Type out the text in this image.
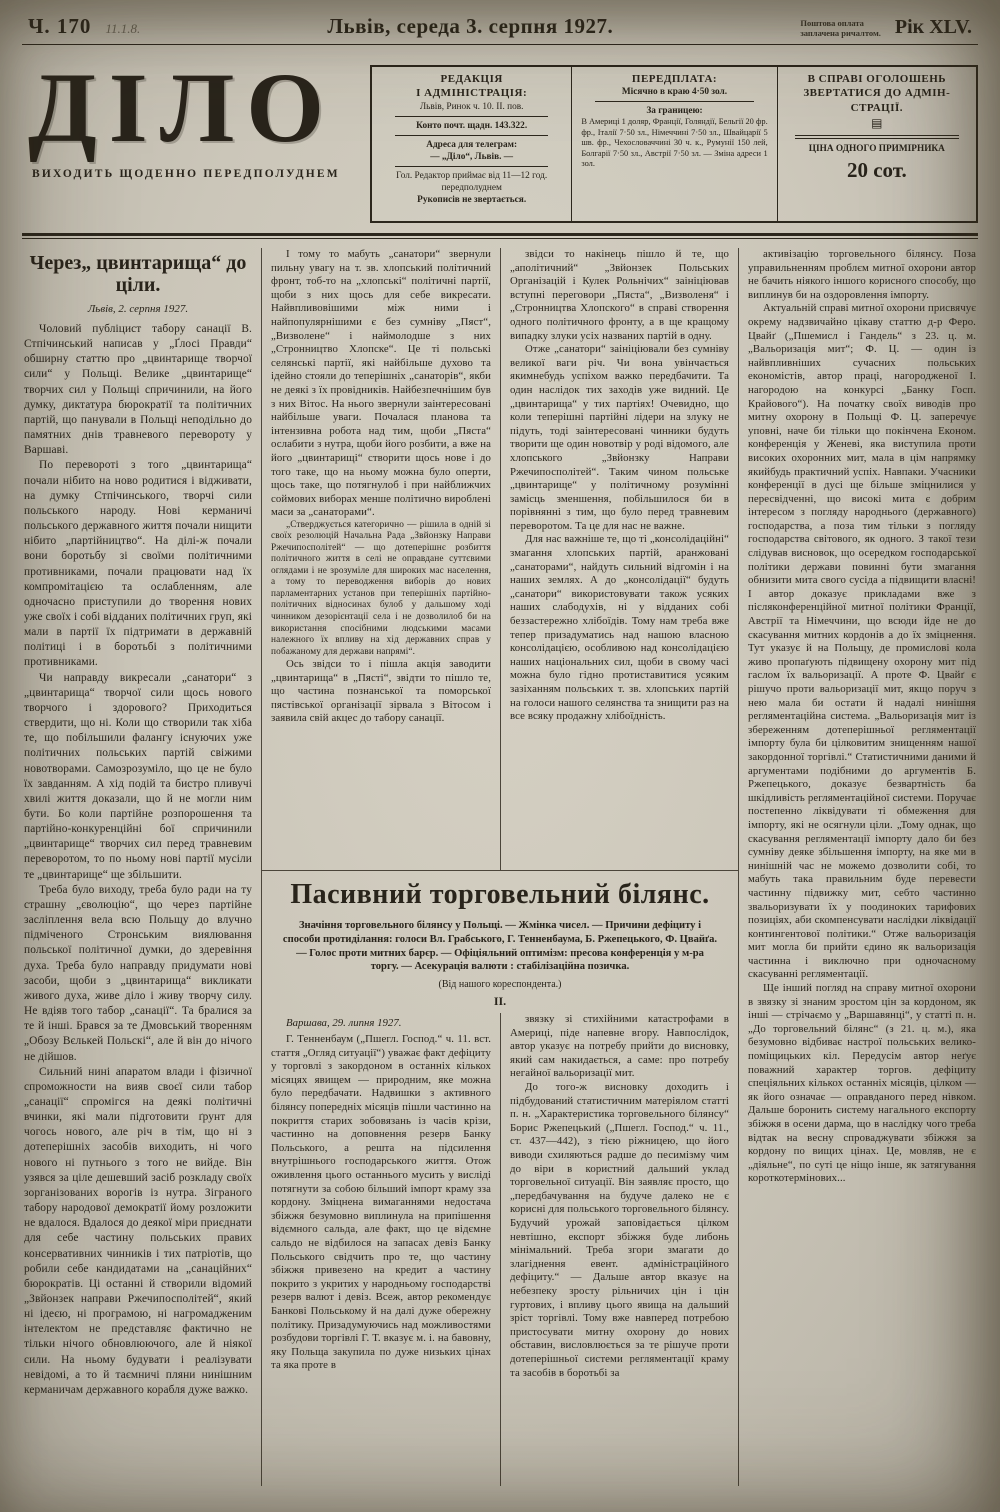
Ч. 170 11.1.8.	Львів, середа 3. серпня 1927.	Поштова оплата
заплачена ричалтом. Рік XLV.
ДІЛО
ВИХОДИТЬ ЩОДЕННО ПЕРЕДПОЛУДНЕМ
РЕДАКЦІЯ
І АДМІНІСТРАЦІЯ:
Львів, Ринок ч. 10. II. пов.
Конто почт. щадн. 143.322.
Адреса для телеграм:
— „Діло“, Львів. —
Гол. Редактор приймає від 11—12 год. передполуднем
Рукописів не звертається.
ПЕРЕДПЛАТА:
Місячно в краю 4·50 зол.
За границею:
В Америці 1 доляр, Франції, Голяндії, Бельгії 20 фр. фр., Італії 7·50 зл., Німеччині 7·50 зл., Швайцарії 5 шв. фр., Чехословаччині 30 ч. к., Румунії 150 лей, Болгарії 7·50 зл., Австрії 7·50 зл. — Зміна адреси 1 зол.
В СПРАВІ ОГОЛОШЕНЬ
ЗВЕРТАТИСЯ ДО АДМІН-
СТРАЦІЇ.
▤
ЦІНА ОДНОГО ПРИМІРНИКА
20 сот.
Через„ цвинтарища“ до ціли.
Львів, 2. серпня 1927.

Чоловий публіцист табору санації В. Стпічинський написав у „Ґлосі Правди“ обширну статтю про „цвинтарище творчої сили“ у Польщі. Велике „цвинтарище“ творчих сил у Польщі спричинили, на його думку, диктатура бюрократії та політичних партій, що панували в Польщі неподільно до памятних днів травневого перевороту у Варшаві.

По перевороті з того „цвинтарища“ почали нібито на ново родитися і відживати, на думку Стпічинського, творчі сили польського народу. Нові керманичі польського державного життя почали нищити нібито „партійництво“. На ділі-ж почали вони боротьбу зі своїми політичними противниками, почали працювати над їх компромітацією та ослабленням, але одночасно приступили до творення нових уже своїх і собі відданих політичних груп, які мали в партії їх підтримати в державній політиці і в боротьбі з політичними противниками.

Чи направду викресали „санатори“ з „цвинтарища“ творчої сили щось нового творчого і здорового? Приходиться ствердити, що ні. Коли що створили так хіба те, що побільшили фалангу існуючих уже політичних польських партій свіжими новотворами. Самозрозуміло, що це не було їх завданням. А хід подій та бистро пливучі хвилі життя доказали, що й не могли ним бути. Бо коли партійне розпорошення та партійно-конкуренційні бої спричинили „цвинтарище“ творчих сил перед травневим переворотом, то по ньому нові партії мусіли те „цвинтарище“ ще збільшити.

Треба було виходу, треба було ради на ту страшну „єволюцію“, що через партійне засліплення вела всю Польщу до влучно підміченого Стронським виялювання польської політичної думки, до здеревіння духа. Треба було направду придумати нові засоби, щоби з „цвинтарища“ викликати живого духа, живе діло і живу творчу силу. Не вдіяв того табор „санації“. Та бралися за те й інші. Брався за те Дмовський творенням „Обозу Вєлькей Польскі“, але й він до нічого не дійшов.

Сильний нині апаратом влади і фізичної спроможности на вияв своєї сили табор „санації“ спромігся на деякі політичні вчинки, які мали підготовити ґрунт для чогось нового, але річ в тім, що ні з дотеперішніх засобів виходить, ні чого нового ні путнього з того не вийде. Він узявся за ціле дешевший засіб розкладу своїх зорганізованих ворогів із нутра. Зіграного табору народової демократії йому розложити не вдалося. Вдалося до деякої міри приєднати для себе частину польських правих консервативних чинників і тих патріотів, що робили себе кандидатами на „санаційних“ бюрократів. Ці останні й створили відомий „Звйонзек направи Ржечипосполітей“, який ні ідеєю, ні програмою, ні нагромадженим інтелектом не представляє фактично не тільки нічого обновлюючого, але й ніякої сили. На ньому будувати і реалізувати невідомі, а то й таємничі пляни нинішним керманичам державного корабля дуже важко.

І тому то мабуть „санатори“ звернули пильну увагу на т. зв. хлопський політичний фронт, тоб-то на „хлопські“ політичні партії, щоби з них щось для себе викресати. Найвпливовішими між ними і найпопулярнішими є без сумніву „Пяст“, „Визволене“ і наймолодше з них „Стронництво Хлопске“. Це ті польські селянські партії, які найбільше духово та ідейно стояли до теперішніх „санаторів“, якби не деякі з їх провідників. Найбезпечнішим був з них Вітос. На нього звернули заінтересовані найбільше уваги. Почалася планова та інтензивна робота над тим, щоби „Пяста“ ослабити з нутра, щоби його розбити, а вже на його „цвинтарищі“ створити щось нове і до того таке, що на ньому можна було оперти, щось таке, що потягнулоб і при найближчих соймових виборах менше політично вироблені маси за „санаторами“.

„Стверджується категорично — рішила в одній зі своїх резолюцій Начальна Рада „Звйонзку Направи Ржечипосполітей“ — що дотеперішнє розбиття політичного життя в селі не оправдане суттєвими оглядами і не зрозуміле для широких мас населення, а тому то переводження виборів до нових парламентарних установ при теперішніх партійно-політичних відносинах булоб у дальшому ході чинником дезорієнтації села і не дозволилоб би на використання спосібними людськими масами належного їх впливу на хід державних справ у побажаному для держави напрямі“.

Ось звідси то і пішла акція заводити „цвинтарища“ в „Пясті“, звідти то пішло те, що частина познанської та поморської пястівської організації зірвала з Вітосом і заявила свій акцес до табору санації.

звідси то накінець пішло й те, що „аполітичний“ „Звйонзек Польських Організацій і Кулек Рольнічих“ заініціював вступні переговори „Пяста“, „Визволеня“ і „Стронництва Хлопского“ в справі створення одного політичного фронту, а в ще кращому випадку злуки усіх названих партій в одну.

Отже „санатори“ заініціювали без сумніву великої ваги річ. Чи вона увінчається якимнебудь успіхом важко передбачити. Та один наслідок тих заходів уже видний. Це „цвинтарища“ у тих партіях! Очевидно, що коли теперішні партійні лідери на злуку не підуть, тоді заінтересовані чинники будуть творити ще один новотвір у роді відомого, але хлопського „Звйонзку Направи Ржечипосполітей“. Таким чином польське „цвинтарище“ у політичному розумінні замісць зменшення, побільшилося би в порівнянні з тим, що було перед травневим переворотом. Та це для нас не важне.

Для нас важніше те, що ті „консолідаційні“ змагання хлопських партій, аранжовані „санаторами“, найдуть сильний відгомін і на наших землях. А до „консолідації“ будуть „санатори“ використовувати також усяких наших слабодухів, ні у відданих собі беззастережно хлібоїдів. Тому нам треба вже тепер призадуматись над нашою власною консолідацією, особливою над консолідацією наших національних сил, щоби в свому часі можна було гідно протиставитися усяким зазіханням польських т. зв. хлопських партій на голоси нашого селянства та знищити раз на все всяку продажну хлібоїдність.

Пасивний торговельний білянс.
Значіння торговельного білянсу у Польщі. — Жмінка чисел. — Причини дефіциту і способи протиділання: голоси Вл. Грабського, Г. Тенненбаума, Б. Ржепецького, Ф. Цвайґа. — Голос проти митних барєр. — Офіціяльний оптимізм: пресова конференція у м-ра торгу. — Асекурація валюти : стабілізаційна позичка.
(Від нашого кореспондента.)
II.
Варшава, 29. липня 1927.

Г. Тенненбаум („Пшегл. Господ.“ ч. 11. вст. стаття „Огляд ситуації“) уважає факт дефіциту у торговлі з закордоном в останніх кількох місяцях явищем — природним, яке можна було передбачати. Надвишки з активного білянсу попередніх місяців пішли частинно на покриття старих зобовязань із часів крізи, частинно на доповнення резерв Банку Польського, а решта на підсилення внутрішнього господарського життя. Отож оживлення цього останнього мусить у висліді потягнути за собою більший імпорт краму зза кордону. Зміцнена вимаганнями недостача збіжжя безумовно виплинула на припішення відємного сальда, але факт, що це відємне сальдо не відбилося на запасах девіз Банку Польського свідчить про те, що частину збіжжя привезено на кредит а частину покрито з укритих у народньому господарстві резерв валют і девіз. Всеж, автор рекомендує Банкові Польському й на далі дуже обережну політику. Призадумуючись над можливостями розбудови торгівлі Г. Т. вказує м. і. на бавовну, яку Польща закупила по дуже низьких цінах та яка проте в

звязку зі стихійними катастрофами в Америці, піде напевне вгору. Навпослідок, автор указує на потребу прийти до висновку, який сам накидається, а саме: про потребу негайної вальоризації мит.

До того-ж висновку доходить і підбудований статистичним матеріялом статті п. н. „Характеристика торговельного білянсу“ Борис Ржепецький („Пшегл. Господ.“ ч. 11., ст. 437—442), з тією ріжницею, що його виводи схиляються радше до песимізму чим до віри в користний дальший уклад торговельної ситуації. Він заявляє просто, що „передбачування на будуче далеко не є корисні для польського торговельного білянсу. Будучий урожай заповідається цілком невтішно, експорт збіжжя буде либонь мінімальний. Треба згори змагати до злагіднення евент. адміністраційного дефіциту.“ — Дальше автор вказує на небезпеку зросту рільничих цін і цін гуртових, і впливу цього явища на дальший зріст торгівлі. Тому вже навперед потребою пристосувати митну охорону до нових обставин, висловлюється за те рішуче проти дотеперішньої системи регляментації краму та засобів в боротьбі за

активізацію торговельного білянсу. Поза управильненням проблєм митної охорони автор не бачить ніякого іншого корисного способу, що виплинув би на оздоровлення імпорту.

Актуальній справі митної охорони присвячує окрему надзвичайно цікаву статтю д-р Феро. Цвайґ („Пшемисл і Гандель“ з 23. ц. м. „Вальоризація мит“; Ф. Ц. — один із найвпливніших сучасних польських економістів, автор праці, нагородженої І. нагородою на конкурсі „Банку Госп. Крайового“). На початку своїх виводів про митну охорону в Польщі Ф. Ц. заперечує уповні, наче би тільки що покінчена Економ. конференція у Женеві, яка виступила проти високих охоронних мит, мала в цім напрямку якийбудь практичний успіх. Навпаки. Учасники конференції в дусі ще більше зміцнилися у пересвідченні, що високі мита є добрим інтересом з погляду народнього (державного) господарства, а поза тим тільки з погляду господарства світового, як одного. З такої тези слідував висновок, що осередком господарської політики держави повинні бути змагання обнизити мита свого сусіда а підвищити власні! І автор доказує прикладами вже з післяконференційної митної політики Франції, Австрії та Німеччини, що всюди йде не до скасування митних кордонів а до їх зміцнення. Тут указує й на Польщу, де промислові кола живо пропаґують підвищену охорону мит під гаслом їх вальоризації. А проте Ф. Цвайґ є рішучо проти вальоризації мит, якщо поруч з нею мала би остати й надалі нинішня регляментаційна система. „Вальоризація мит із збереженням дотеперішньої регляментації імпорту була би цілковитим знищенням нашої закордонної торгівлі.“ Статистичними даними й аргументами подібними до аргументів Б. Ржепецького, доказує безвартність ба шкідливість регляментаційної системи. Поручає постепенно ліквідувати ті обмеження для імпорту, які не осягнули ціли. „Тому однак, що скасування регляментації імпорту дало би без сумніву деяке збільшення імпорту, на яке ми в нинішній час не можемо дозволити собі, то мабуть така правильним буде перевести частинну підвижку мит, себто частинно звальоризувати їх у поодиноких тарифових позиціях, аби скомпенсувати наслідки ліквідації контингентової політики.“ Отже вальоризація мит могла би прийти єдино як вальоризація частинна і виключно при одночасному скасуванні регляментації.

Ще інший погляд на справу митної охорони в звязку зі знаним зростом цін за кордоном, як інші — стрічаємо у „Варшавянці“, у статті п. н. „До торговельний білянс“ (з 21. ц. м.), яка безумовно відбиває настрої польських велико-поміщицьких кіл. Передусім автор неґує поважний характер торгов. дефіциту спеціяльних кількох останніх місяців, цілком — як його означає — оправданого перед нівком. Дальше боронить систему нагального експорту збіжжя в осени дарма, що в наслідку чого треба відтак на весну спроваджувати збіжжя за кордону по вищих цінах. Це, мовляв, не є „діяльне“, по суті це ніщо інше, як затягування короткотермінових...
